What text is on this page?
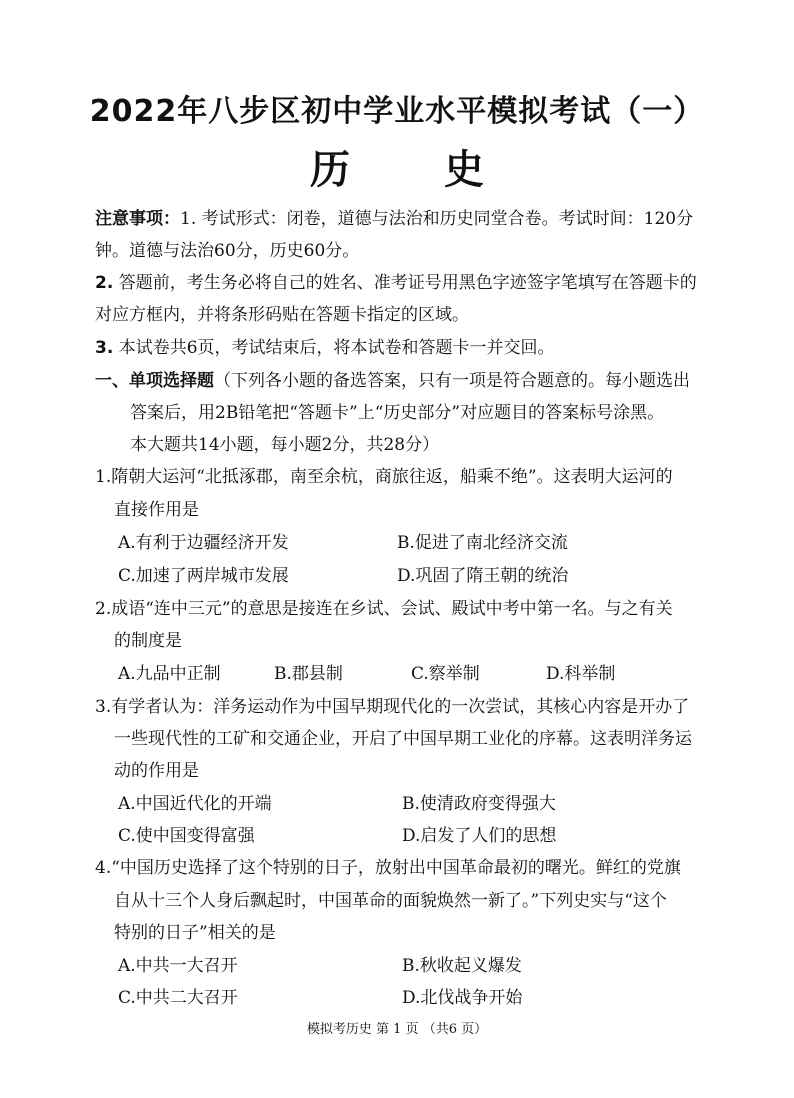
2022年八步区初中学业水平模拟考试（一）
历 史
注意事项：1. 考试形式：闭卷，道德与法治和历史同堂合卷。考试时间：120分
钟。道德与法治60分，历史60分。
2. 答题前，考生务必将自己的姓名、准考证号用黑色字迹签字笔填写在答题卡的
对应方框内，并将条形码贴在答题卡指定的区域。
3. 本试卷共6页，考试结束后，将本试卷和答题卡一并交回。
一、单项选择题（下列各小题的备选答案，只有一项是符合题意的。每小题选出
答案后，用2B铅笔把“答题卡”上“历史部分”对应题目的答案标号涂黑。
本大题共14小题，每小题2分，共28分）
1.隋朝大运河“北抵涿郡，南至余杭，商旅往返，船乘不绝”。这表明大运河的
直接作用是
A.有利于边疆经济开发	B.促进了南北经济交流
C.加速了两岸城市发展	D.巩固了隋王朝的统治
2.成语“连中三元”的意思是接连在乡试、会试、殿试中考中第一名。与之有关
的制度是
A.九品中正制	B.郡县制	C.察举制	D.科举制
3.有学者认为：洋务运动作为中国早期现代化的一次尝试，其核心内容是开办了
一些现代性的工矿和交通企业，开启了中国早期工业化的序幕。这表明洋务运
动的作用是
A.中国近代化的开端	B.使清政府变得强大
C.使中国变得富强	D.启发了人们的思想
4.“中国历史选择了这个特别的日子，放射出中国革命最初的曙光。鲜红的党旗
自从十三个人身后飘起时，中国革命的面貌焕然一新了。”下列史实与“这个
特别的日子”相关的是
A.中共一大召开	B.秋收起义爆发
C.中共二大召开	D.北伐战争开始
模拟考历史 第 1 页 （共6 页）
